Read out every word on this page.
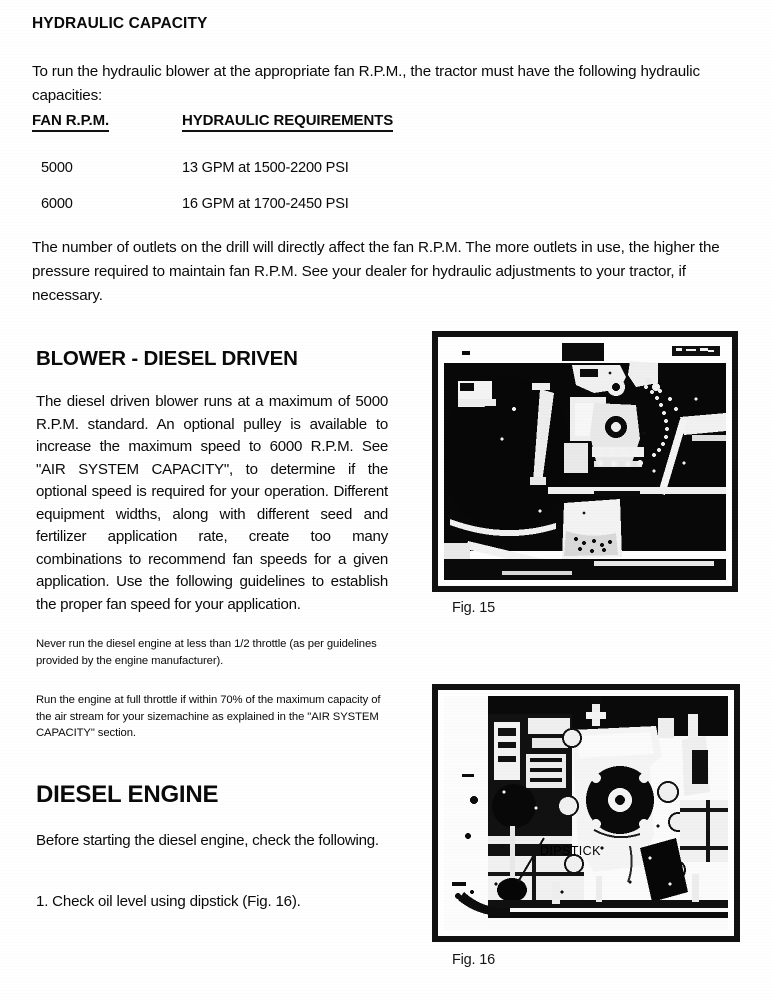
HYDRAULIC CAPACITY
To run the hydraulic blower at the appropriate fan R.P.M., the tractor must have the following hydraulic capacities:
FAN R.P.M.	HYDRAULIC REQUIREMENTS
5000	13 GPM at 1500-2200 PSI
6000	16 GPM at 1700-2450 PSI
The number of outlets on the drill will directly affect the fan R.P.M. The more outlets in use, the higher the pressure required to maintain fan R.P.M. See your dealer for hydraulic adjustments to your tractor, if necessary.
BLOWER - DIESEL DRIVEN
The diesel driven blower runs at a maximum of 5000 R.P.M. standard. An optional pulley is available to increase the maximum speed to 6000 R.P.M. See "AIR SYSTEM CAPACITY", to determine if the optional speed is required for your operation. Different equipment widths, along with different seed and fertilizer application rate, create too many combinations to recommend fan speeds for a given application. Use the following guidelines to establish the proper fan speed for your application.
Never run the diesel engine at less than 1/2 throttle (as per guidelines provided by the engine manufacturer).
Run the engine at full throttle if within 70% of the maximum capacity of the air stream for your sizemachine as explained in the "AIR SYSTEM CAPACITY" section.
DIESEL ENGINE
Before starting the diesel engine, check the following.
1. Check oil level using dipstick (Fig. 16).
Fig. 15
DIPSTICK
Fig. 16
